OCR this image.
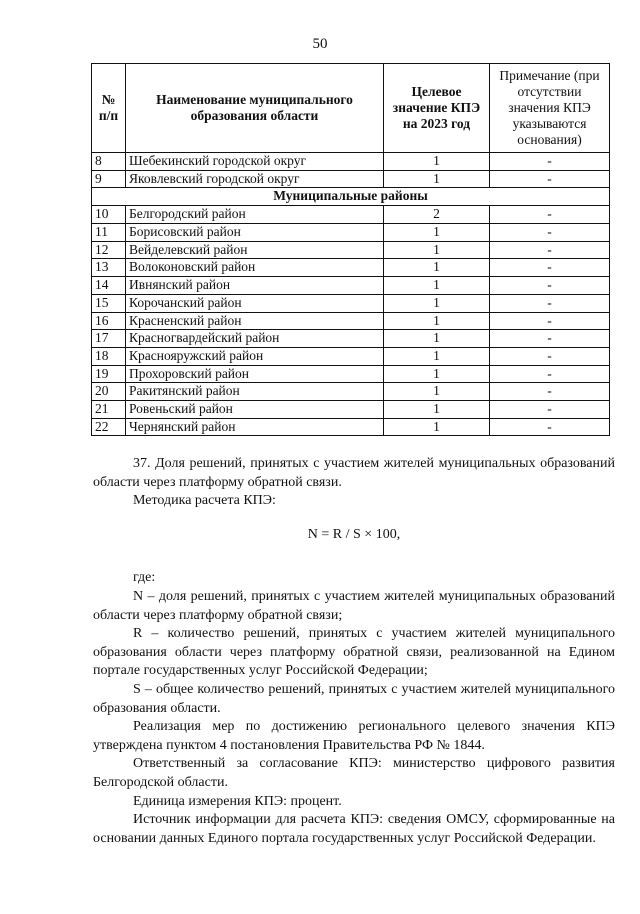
50
№ п/п	Наименование муниципального образования области	Целевое значение КПЭ на 2023 год	Примечание (при отсутствии значения КПЭ указываются основания)
8	Шебекинский городской округ	1	-
9	Яковлевский городской округ	1	-
Муниципальные районы			
10	Белгородский район	2	-
11	Борисовский район	1	-
12	Вейделевский район	1	-
13	Волоконовский район	1	-
14	Ивнянский район	1	-
15	Корочанский район	1	-
16	Красненский район	1	-
17	Красногвардейский район	1	-
18	Краснояружский район	1	-
19	Прохоровский район	1	-
20	Ракитянский район	1	-
21	Ровеньский район	1	-
22	Чернянский район	1	-

37. Доля решений, принятых с участием жителей муниципальных образований области через платформу обратной связи.

Методика расчета КПЭ:

N = R / S × 100,

где:

N – доля решений, принятых с участием жителей муниципальных образований области через платформу обратной связи;

R – количество решений, принятых с участием жителей муниципального образования области через платформу обратной связи, реализованной на Едином портале государственных услуг Российской Федерации;

S – общее количество решений, принятых с участием жителей муниципального образования области.

Реализация мер по достижению регионального целевого значения КПЭ утверждена пунктом 4 постановления Правительства РФ № 1844.

Ответственный за согласование КПЭ: министерство цифрового развития Белгородской области.

Единица измерения КПЭ: процент.

Источник информации для расчета КПЭ: сведения ОМСУ, сформированные на основании данных Единого портала государственных услуг Российской Федерации.
